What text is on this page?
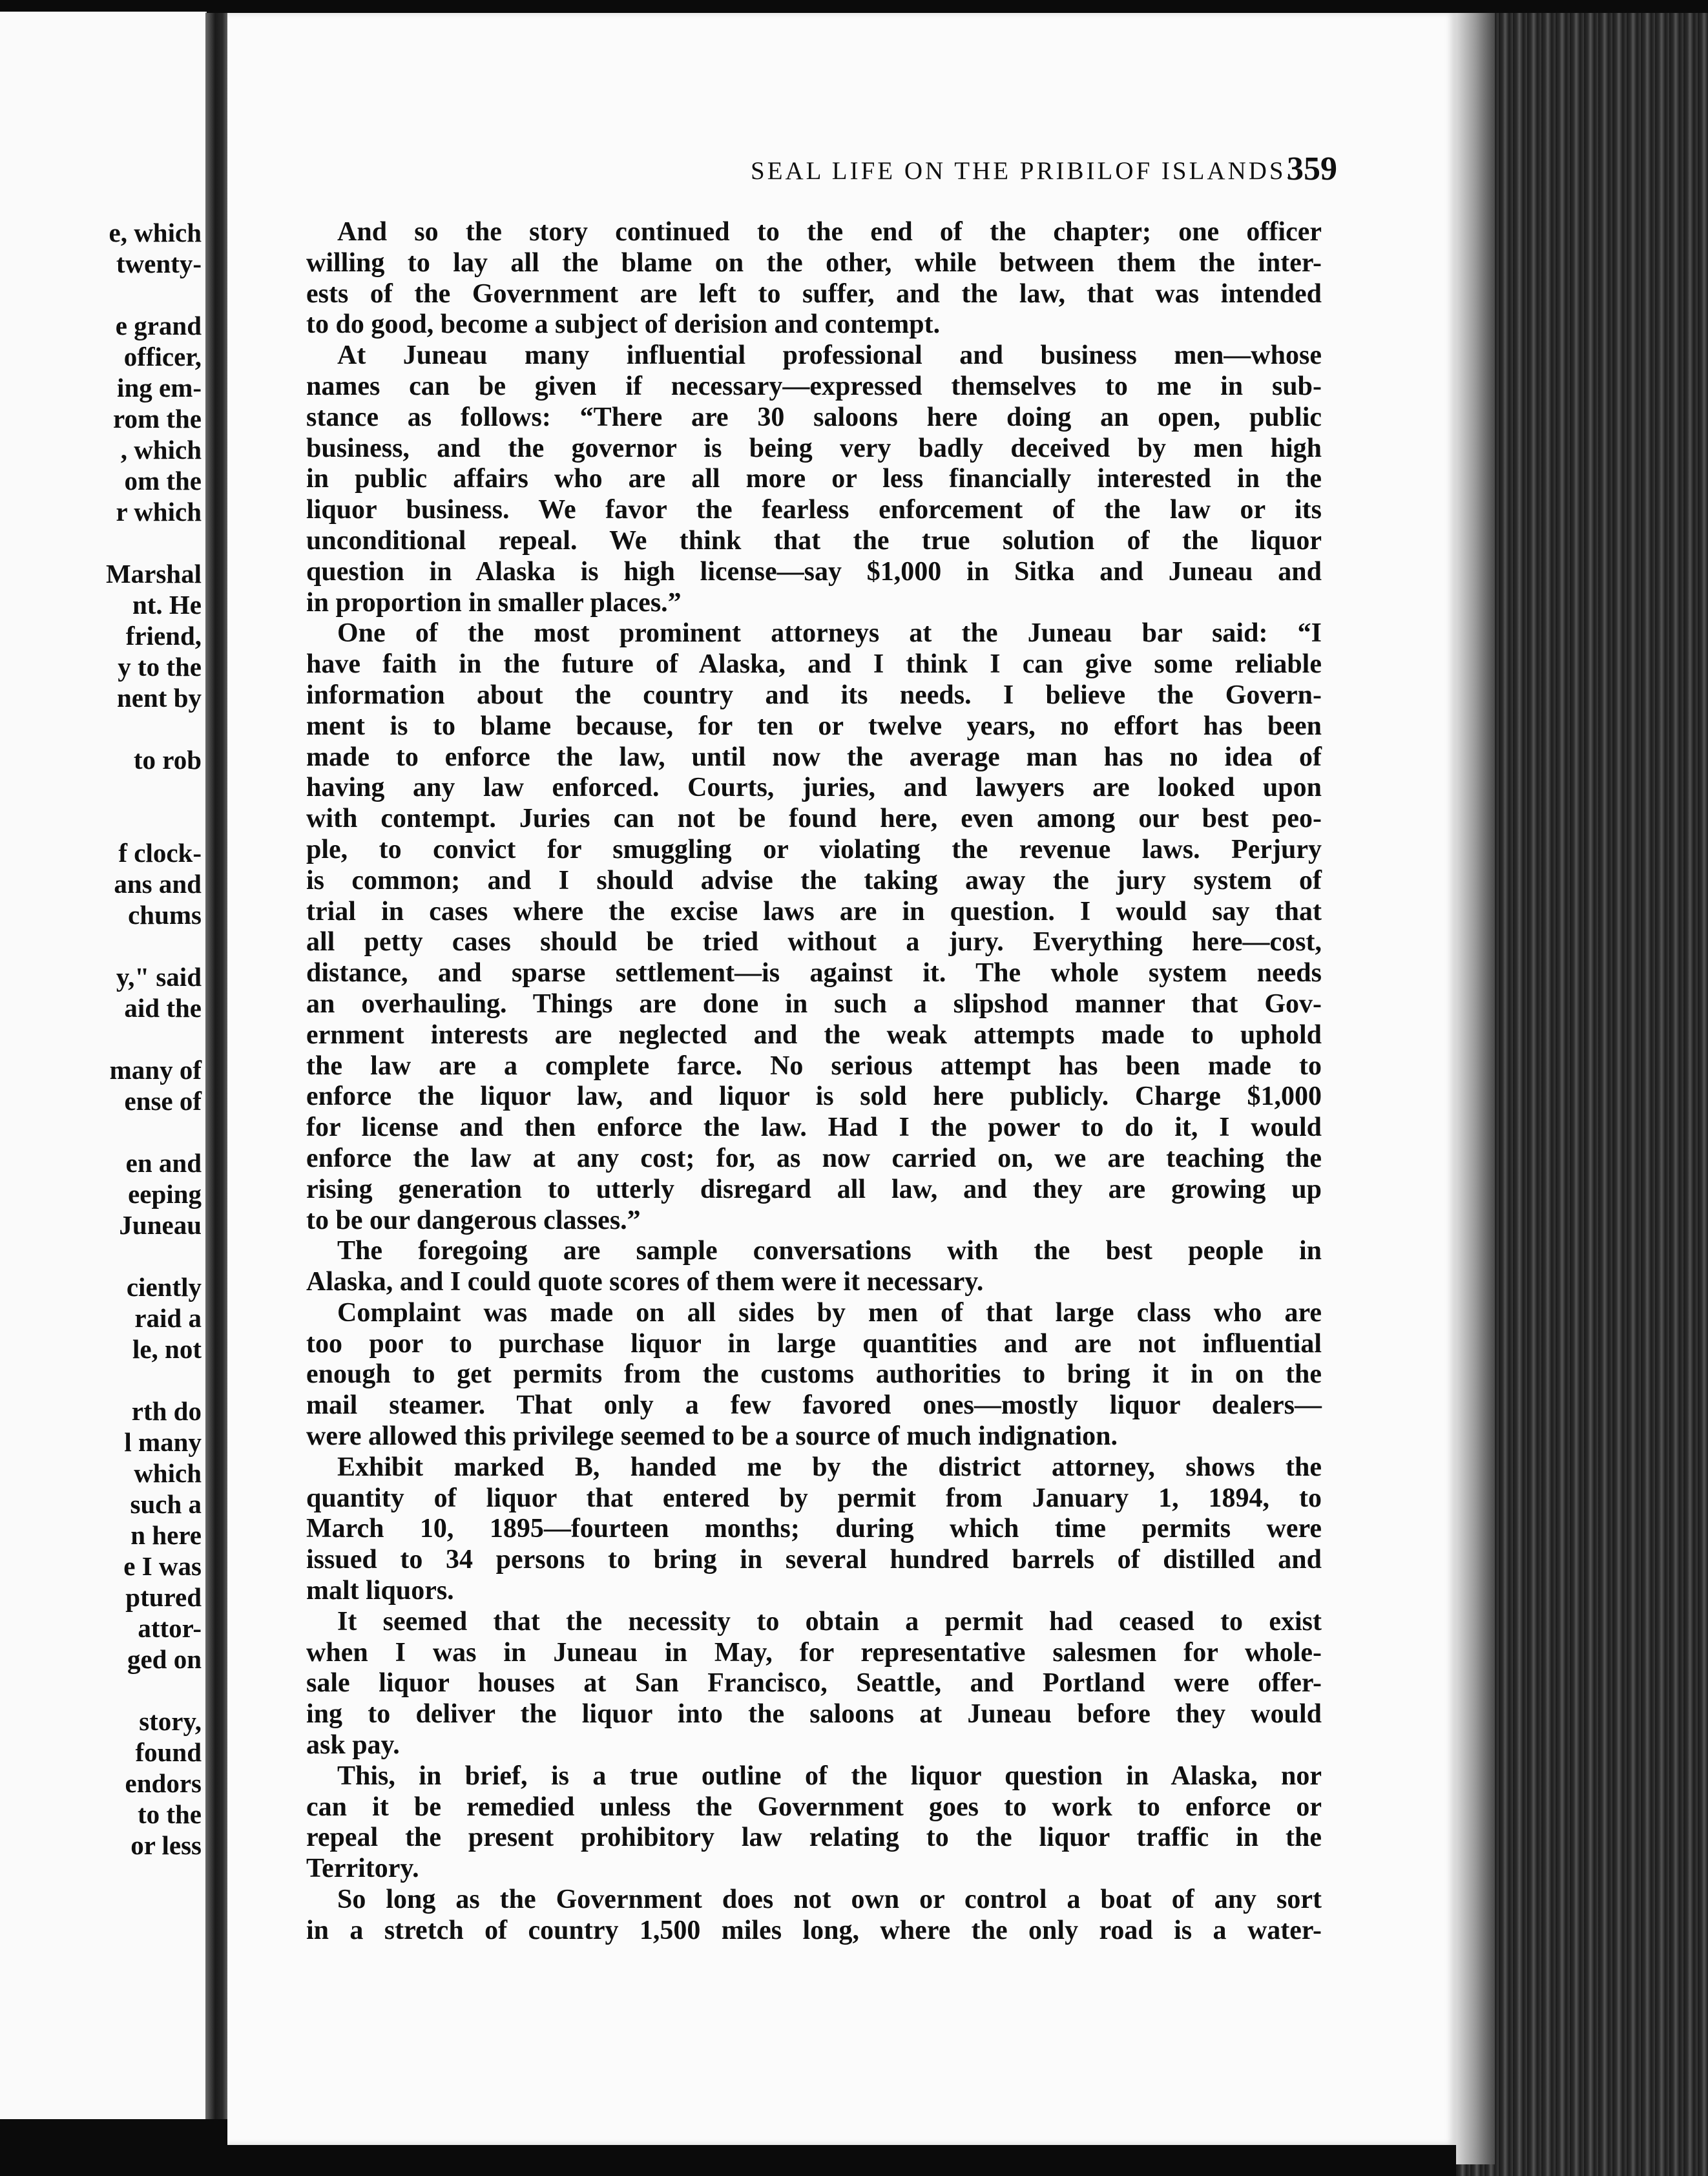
e, which
twenty-
e grand
officer,
ing em-
rom the
, which
om the
r which
Marshal
nt. He
friend,
y to the
nent by
to rob
f clock-
ans and
chums
y," said
aid the
many of
ense of
en and
eeping
Juneau
ciently
raid a
le, not
rth do
l many
which
such a
n here
e I was
ptured
attor-
ged on
story,
found
endors
to the
or less
SEAL LIFE ON THE PRIBILOF ISLANDS.
359
And so the story continued to the end of the chapter; one officer
willing to lay all the blame on the other, while between them the inter-
ests of the Government are left to suffer, and the law, that was intended
to do good, become a subject of derision and contempt.
At Juneau many influential professional and business men—whose
names can be given if necessary—expressed themselves to me in sub-
stance as follows: “There are 30 saloons here doing an open, public
business, and the governor is being very badly deceived by men high
in public affairs who are all more or less financially interested in the
liquor business. We favor the fearless enforcement of the law or its
unconditional repeal. We think that the true solution of the liquor
question in Alaska is high license—say $1,000 in Sitka and Juneau and
in proportion in smaller places.”
One of the most prominent attorneys at the Juneau bar said: “I
have faith in the future of Alaska, and I think I can give some reliable
information about the country and its needs. I believe the Govern-
ment is to blame because, for ten or twelve years, no effort has been
made to enforce the law, until now the average man has no idea of
having any law enforced. Courts, juries, and lawyers are looked upon
with contempt. Juries can not be found here, even among our best peo-
ple, to convict for smuggling or violating the revenue laws. Perjury
is common; and I should advise the taking away the jury system of
trial in cases where the excise laws are in question. I would say that
all petty cases should be tried without a jury. Everything here—cost,
distance, and sparse settlement—is against it. The whole system needs
an overhauling. Things are done in such a slipshod manner that Gov-
ernment interests are neglected and the weak attempts made to uphold
the law are a complete farce. No serious attempt has been made to
enforce the liquor law, and liquor is sold here publicly. Charge $1,000
for license and then enforce the law. Had I the power to do it, I would
enforce the law at any cost; for, as now carried on, we are teaching the
rising generation to utterly disregard all law, and they are growing up
to be our dangerous classes.”
The foregoing are sample conversations with the best people in
Alaska, and I could quote scores of them were it necessary.
Complaint was made on all sides by men of that large class who are
too poor to purchase liquor in large quantities and are not influential
enough to get permits from the customs authorities to bring it in on the
mail steamer. That only a few favored ones—mostly liquor dealers—
were allowed this privilege seemed to be a source of much indignation.
Exhibit marked B, handed me by the district attorney, shows the
quantity of liquor that entered by permit from January 1, 1894, to
March 10, 1895—fourteen months; during which time permits were
issued to 34 persons to bring in several hundred barrels of distilled and
malt liquors.
It seemed that the necessity to obtain a permit had ceased to exist
when I was in Juneau in May, for representative salesmen for whole-
sale liquor houses at San Francisco, Seattle, and Portland were offer-
ing to deliver the liquor into the saloons at Juneau before they would
ask pay.
This, in brief, is a true outline of the liquor question in Alaska, nor
can it be remedied unless the Government goes to work to enforce or
repeal the present prohibitory law relating to the liquor traffic in the
Territory.
So long as the Government does not own or control a boat of any sort
in a stretch of country 1,500 miles long, where the only road is a water-
